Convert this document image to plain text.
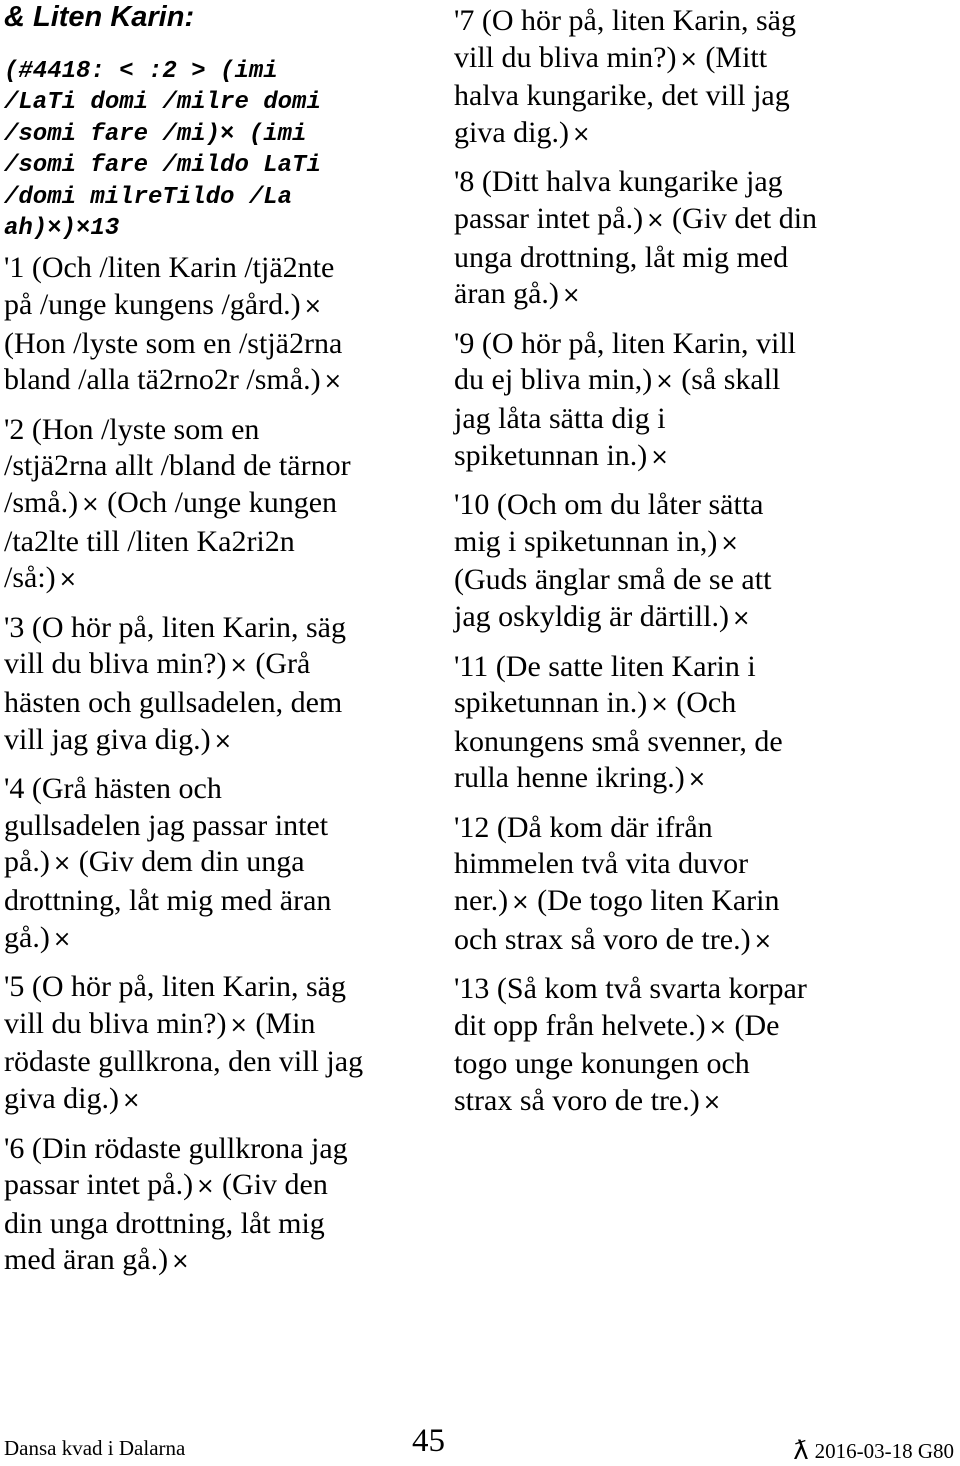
& Liten Karin:
(#4418: < :2 > (imi
/LaTi domi /milre domi
/somi fare /mi)× (imi
/somi fare /mildo LaTi
/domi milreTildo /La
ah)×)×13
'1 (Och /liten Karin /tjä2nte
på /unge kungens /gård.) ×
(Hon /lyste som en /stjä2rna
bland /alla tä2rno2r /små.) ×
'2 (Hon /lyste som en
/stjä2rna allt /bland de tärnor
/små.) × (Och /unge kungen
/ta2lte till /liten Ka2ri2n
/så:) ×
'3 (O hör på, liten Karin, säg
vill du bliva min?) × (Grå
hästen och gullsadelen, dem
vill jag giva dig.) ×
'4 (Grå hästen och
gullsadelen jag passar intet
på.) × (Giv dem din unga
drottning, låt mig med äran
gå.) ×
'5 (O hör på, liten Karin, säg
vill du bliva min?) × (Min
rödaste gullkrona, den vill jag
giva dig.) ×
'6 (Din rödaste gullkrona jag
passar intet på.) × (Giv den
din unga drottning, låt mig
med äran gå.) ×
'7 (O hör på, liten Karin, säg
vill du bliva min?) × (Mitt
halva kungarike, det vill jag
giva dig.) ×
'8 (Ditt halva kungarike jag
passar intet på.) × (Giv det din
unga drottning, låt mig med
äran gå.) ×
'9 (O hör på, liten Karin, vill
du ej bliva min,) × (så skall
jag låta sätta dig i
spiketunnan in.) ×
'10 (Och om du låter sätta
mig i spiketunnan in,) ×
(Guds änglar små de se att
jag oskyldig är därtill.) ×
'11 (De satte liten Karin i
spiketunnan in.) × (Och
konungens små svenner, de
rulla henne ikring.) ×
'12 (Då kom där ifrån
himmelen två vita duvor
ner.) × (De togo liten Karin
och strax så voro de tre.) ×
'13 (Så kom två svarta korpar
dit opp från helvete.) × (De
togo unge konungen och
strax så voro de tre.) ×
Dansa kvad i Dalarna	45	ƛ 2016-03-18 G80
